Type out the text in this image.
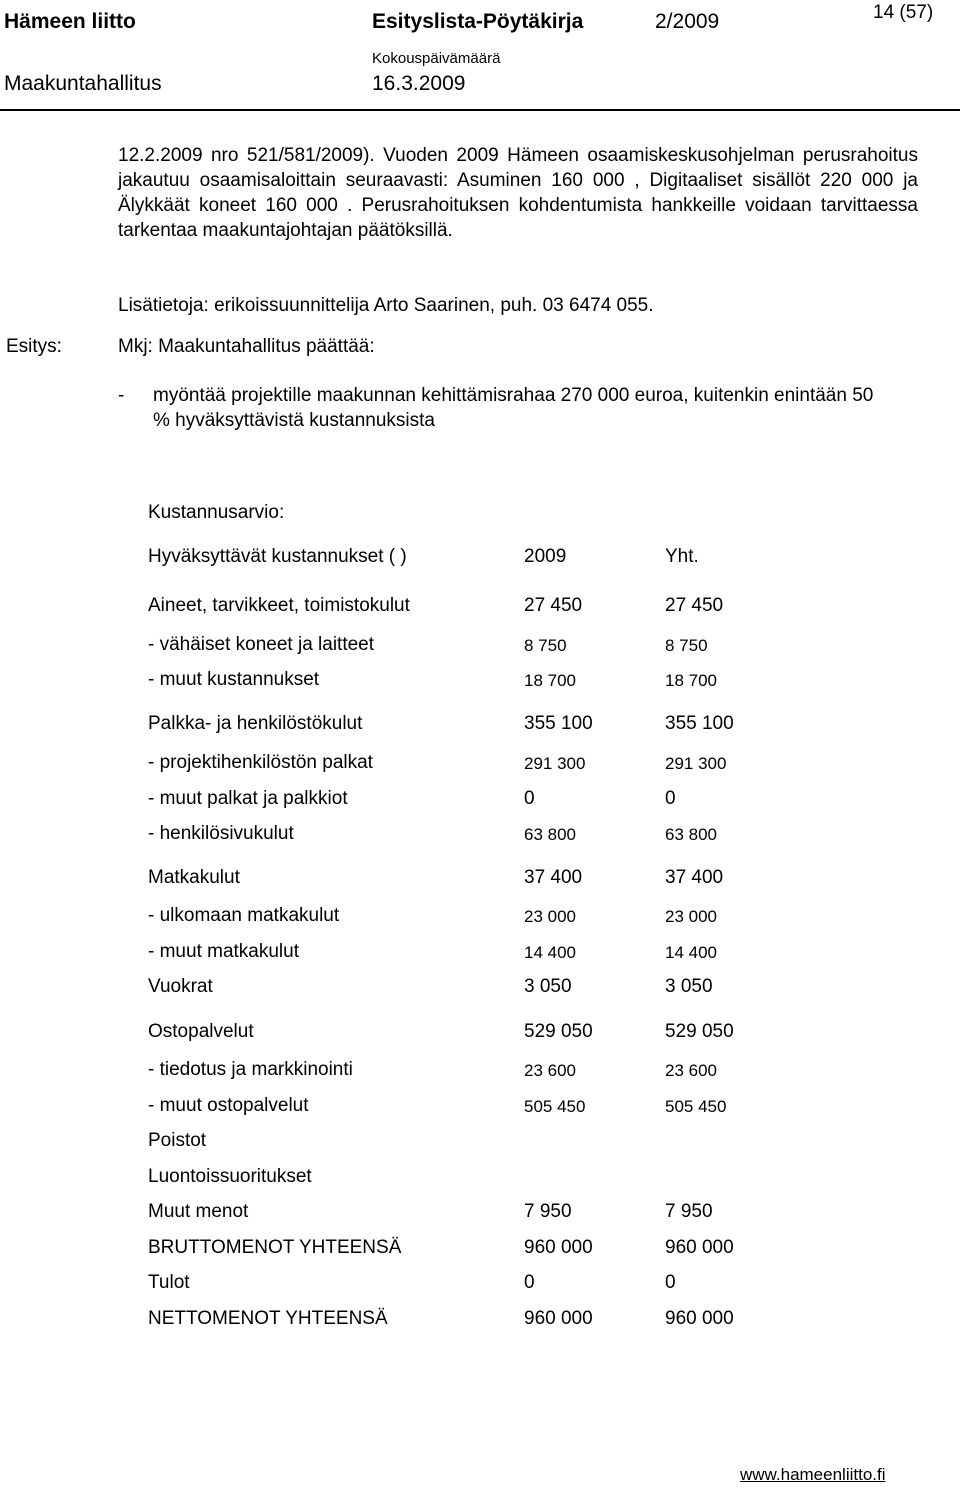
Hämeen liitto	Esityslista-Pöytäkirja	2/2009	14 (57)
Kokouspäivämäärä
Maakuntahallitus	16.3.2009
12.2.2009 nro 521/581/2009). Vuoden 2009 Hämeen osaamiskeskusohjelman perusrahoitus jakautuu osaamisaloittain seuraavasti: Asuminen 160 000 , Digitaaliset sisällöt 220 000 ja Älykkäät koneet 160 000 . Perusrahoituksen kohdentumista hankkeille voidaan tarvittaessa tarkentaa maakuntajohtajan päätöksillä.
Lisätietoja: erikoissuunnittelija Arto Saarinen, puh. 03 6474 055.
Esitys:	Mkj: Maakuntahallitus päättää:
- myöntää projektille maakunnan kehittämisrahaa 270 000 euroa, kuitenkin enintään 50 % hyväksyttävistä kustannuksista
Kustannusarvio:
Hyväksyttävät kustannukset ( )	2009	Yht.
Aineet, tarvikkeet, toimistokulut	27 450	27 450
- vähäiset koneet ja laitteet	8 750	8 750
- muut kustannukset	18 700	18 700
Palkka- ja henkilöstökulut	355 100	355 100
- projektihenkilöstön palkat	291 300	291 300
- muut palkat ja palkkiot	0	0
- henkilösivukulut	63 800	63 800
Matkakulut	37 400	37 400
- ulkomaan matkakulut	23 000	23 000
- muut matkakulut	14 400	14 400
Vuokrat	3 050	3 050
Ostopalvelut	529 050	529 050
- tiedotus ja markkinointi	23 600	23 600
- muut ostopalvelut	505 450	505 450
Poistot
Luontoissuoritukset
Muut menot	7 950	7 950
BRUTTOMENOT YHTEENSÄ	960 000	960 000
Tulot	0	0
NETTOMENOT YHTEENSÄ	960 000	960 000
www.hameenliitto.fi
